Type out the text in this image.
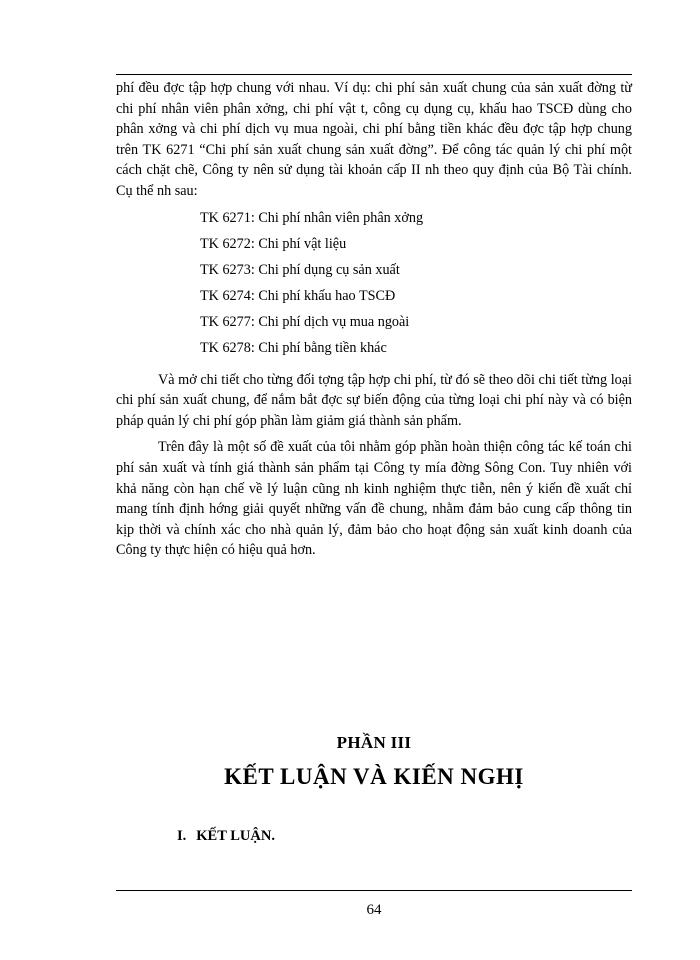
phí đều đợc tập hợp chung với nhau. Ví dụ: chi phí sản xuất chung của sản xuất đờng từ chi phí nhân viên phân xởng, chi phí vật t, công cụ dụng cụ, khấu hao TSCĐ dùng cho phân xởng và chi phí dịch vụ mua ngoài, chi phí bằng tiền khác đều đợc tập hợp chung trên TK 6271 “Chi phí sản xuất chung sản xuất đờng”. Để công tác quản lý chi phí một cách chặt chẽ, Công ty nên sử dụng tài khoản cấp II nh theo quy định của Bộ Tài chính. Cụ thể nh sau:

TK 6271: Chi phí nhân viên phân xởng
TK 6272: Chi phí vật liệu
TK 6273: Chi phí dụng cụ sản xuất
TK 6274: Chi phí khấu hao TSCĐ
TK 6277: Chi phí dịch vụ mua ngoài
TK 6278: Chi phí bằng tiền khác

Và mở chi tiết cho từng đối tợng tập hợp chi phí, từ đó sẽ theo dõi chi tiết từng loại chi phí sản xuất chung, để nắm bắt đợc sự biến động của từng loại chi phí này và có biện pháp quản lý chi phí góp phần làm giảm giá thành sản phẩm.

Trên đây là một số đề xuất của tôi nhằm góp phần hoàn thiện công tác kế toán chi phí sản xuất và tính giá thành sản phẩm tại Công ty mía đờng Sông Con. Tuy nhiên với khả năng còn hạn chế về lý luận cũng nh kinh nghiệm thực tiễn, nên ý kiến đề xuất chỉ mang tính định hớng giải quyết những vấn đề chung, nhằm đảm bảo cung cấp thông tin kịp thời và chính xác cho nhà quản lý, đảm bảo cho hoạt động sản xuất kinh doanh của Công ty thực hiện có hiệu quả hơn.

PHẦN III
KẾT LUẬN VÀ KIẾN NGHỊ
I. KẾT LUẬN.
64
